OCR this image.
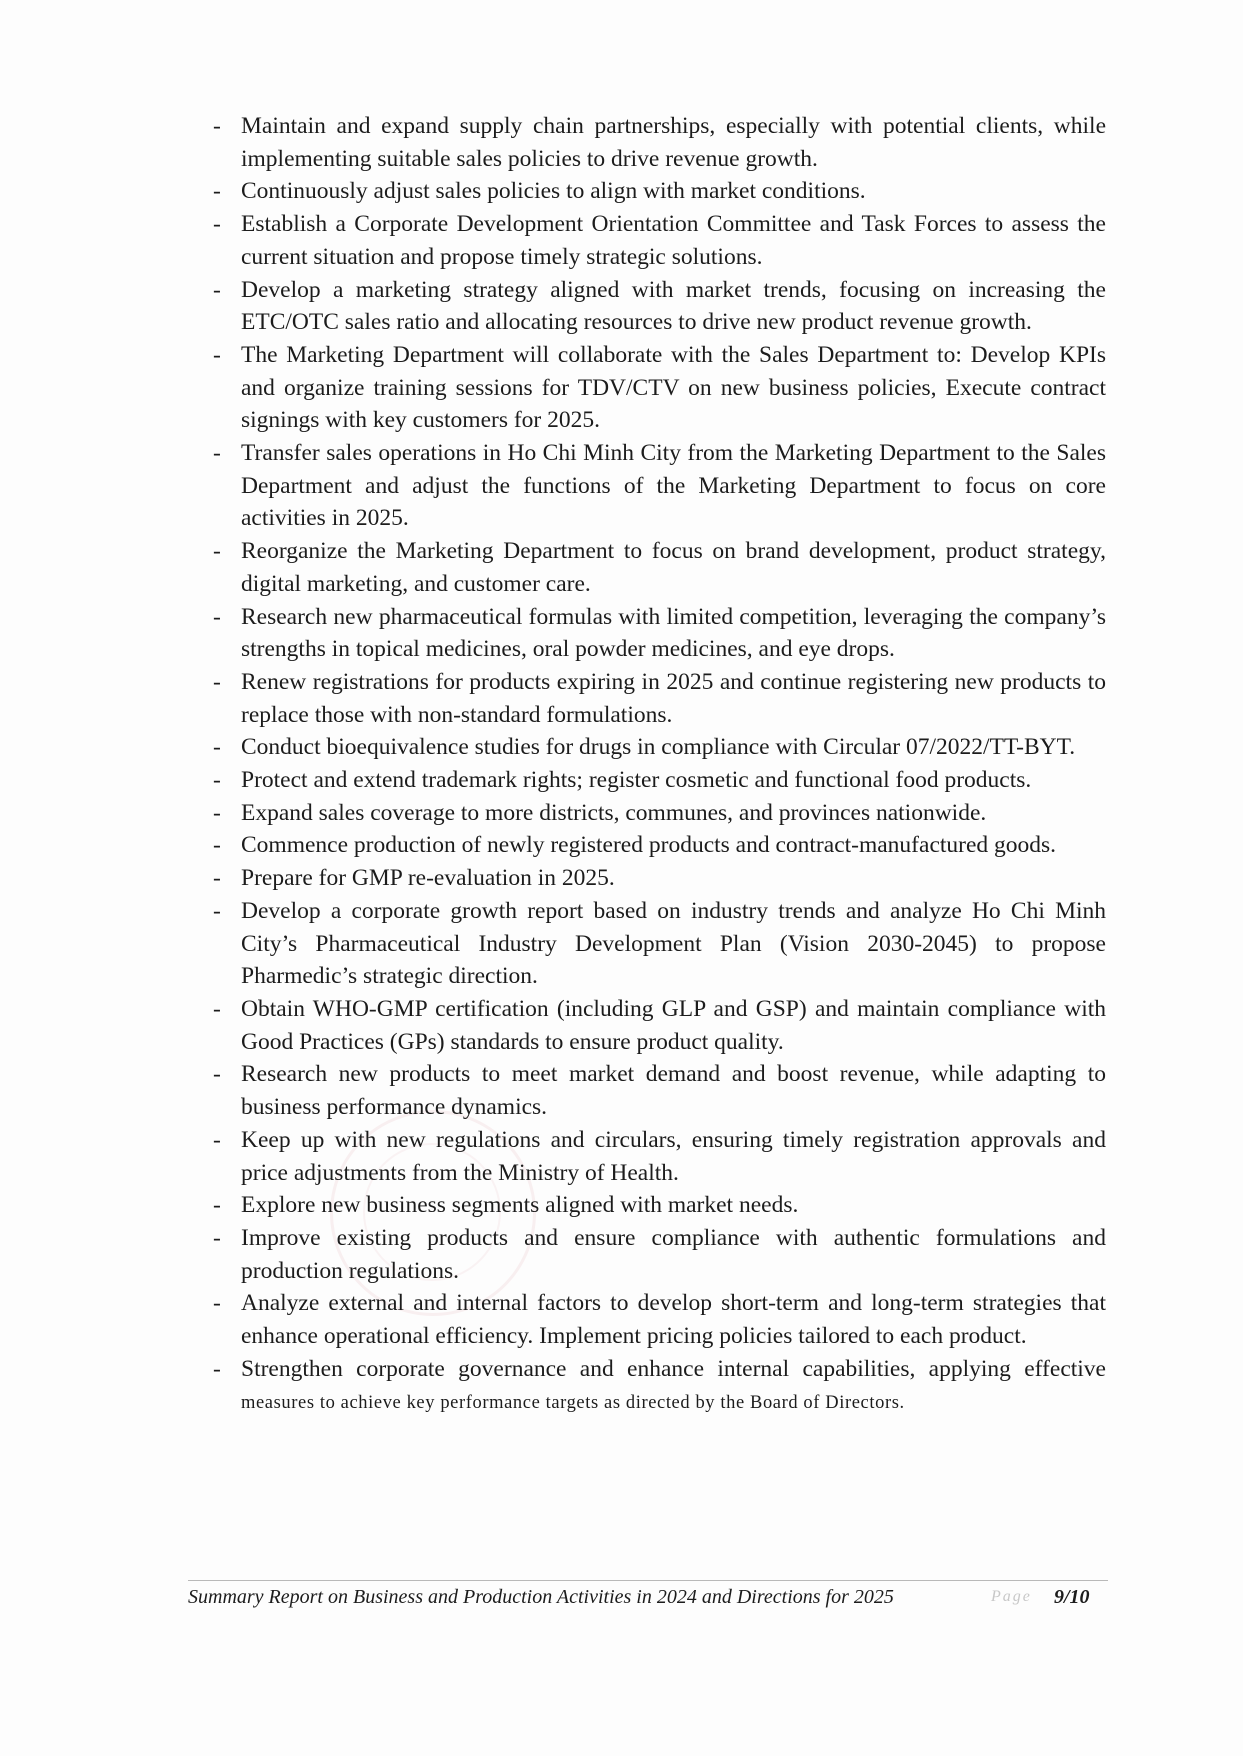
- Maintain and expand supply chain partnerships, especially with potential clients, while implementing suitable sales policies to drive revenue growth.
- Continuously adjust sales policies to align with market conditions.
- Establish a Corporate Development Orientation Committee and Task Forces to assess the current situation and propose timely strategic solutions.
- Develop a marketing strategy aligned with market trends, focusing on increasing the ETC/OTC sales ratio and allocating resources to drive new product revenue growth.
- The Marketing Department will collaborate with the Sales Department to: Develop KPIs and organize training sessions for TDV/CTV on new business policies, Execute contract signings with key customers for 2025.
- Transfer sales operations in Ho Chi Minh City from the Marketing Department to the Sales Department and adjust the functions of the Marketing Department to focus on core activities in 2025.
- Reorganize the Marketing Department to focus on brand development, product strategy, digital marketing, and customer care.
- Research new pharmaceutical formulas with limited competition, leveraging the company’s strengths in topical medicines, oral powder medicines, and eye drops.
- Renew registrations for products expiring in 2025 and continue registering new products to replace those with non-standard formulations.
- Conduct bioequivalence studies for drugs in compliance with Circular 07/2022/TT-BYT.
- Protect and extend trademark rights; register cosmetic and functional food products.
- Expand sales coverage to more districts, communes, and provinces nationwide.
- Commence production of newly registered products and contract-manufactured goods.
- Prepare for GMP re-evaluation in 2025.
- Develop a corporate growth report based on industry trends and analyze Ho Chi Minh City’s Pharmaceutical Industry Development Plan (Vision 2030-2045) to propose Pharmedic’s strategic direction.
- Obtain WHO-GMP certification (including GLP and GSP) and maintain compliance with Good Practices (GPs) standards to ensure product quality.
- Research new products to meet market demand and boost revenue, while adapting to business performance dynamics.
- Keep up with new regulations and circulars, ensuring timely registration approvals and price adjustments from the Ministry of Health.
- Explore new business segments aligned with market needs.
- Improve existing products and ensure compliance with authentic formulations and production regulations.
- Analyze external and internal factors to develop short-term and long-term strategies that enhance operational efficiency. Implement pricing policies tailored to each product.
- Strengthen corporate governance and enhance internal capabilities, applying effective measures to achieve key performance targets as directed by the Board of Directors.
Summary Report on Business and Production Activities in 2024 and Directions for 2025	Page 9/10
